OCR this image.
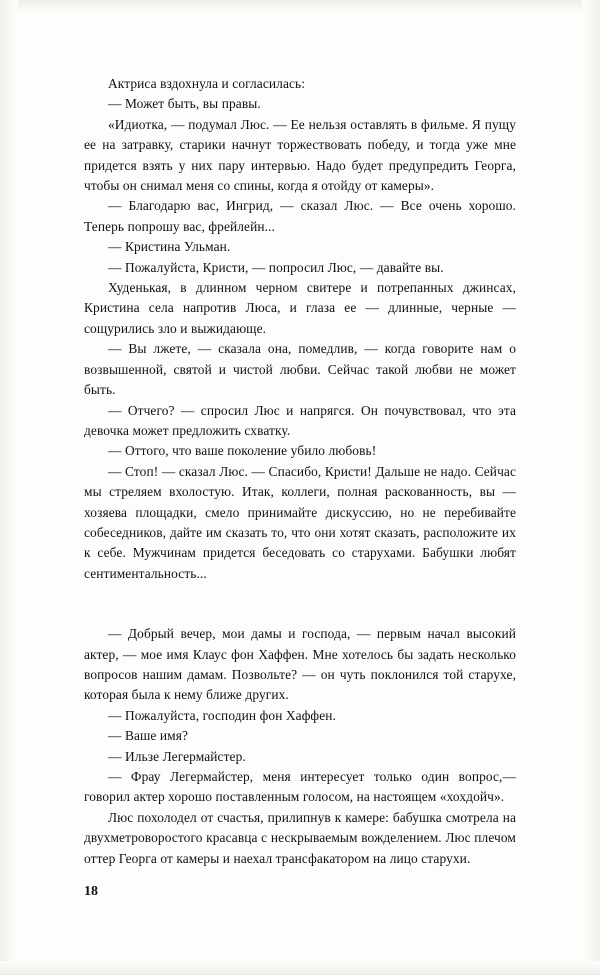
Актриса вздохнула и согласилась:

— Может быть, вы правы.

«Идиотка, — подумал Люс. — Ее нельзя оставлять в фильме. Я пущу ее на затравку, старики начнут торжествовать победу, и тогда уже мне придется взять у них пару интервью. Надо будет предупредить Георга, чтобы он снимал меня со спины, когда я отойду от камеры».

— Благодарю вас, Ингрид, — сказал Люс. — Все очень хорошо. Теперь попрошу вас, фрейлейн...

— Кристина Ульман.

— Пожалуйста, Кристи, — попросил Люс, — давайте вы.

Худенькая, в длинном черном свитере и потрепанных джинсах, Кристина села напротив Люса, и глаза ее — длинные, черные — сощурились зло и выжидающе.

— Вы лжете, — сказала она, помедлив, — когда говорите нам о возвышенной, святой и чистой любви. Сейчас такой любви не может быть.

— Отчего? — спросил Люс и напрягся. Он почувствовал, что эта девочка может предложить схватку.

— Оттого, что ваше поколение убило любовь!

— Стоп! — сказал Люс. — Спасибо, Кристи! Дальше не надо. Сейчас мы стреляем вхолостую. Итак, коллеги, полная раскованность, вы — хозяева площадки, смело принимайте дискуссию, но не перебивайте собеседников, дайте им сказать то, что они хотят сказать, расположите их к себе. Мужчинам придется беседовать со старухами. Бабушки любят сентиментальность...

— Добрый вечер, мои дамы и господа, — первым начал высокий актер, — мое имя Клаус фон Хаффен. Мне хотелось бы задать несколько вопросов нашим дамам. Позвольте? — он чуть поклонился той старухе, которая была к нему ближе других.

— Пожалуйста, господин фон Хаффен.

— Ваше имя?

— Ильзе Легермайстер.

— Фрау Легермайстер, меня интересует только один вопрос,— говорил актер хорошо поставленным голосом, на настоящем «хохдойч».

Люс похолодел от счастья, прилипнув к камере: бабушка смотрела на двухметроворостого красавца с нескрываемым вожделением. Люс плечом оттер Георга от камеры и наехал трансфакатором на лицо старухи.

18
